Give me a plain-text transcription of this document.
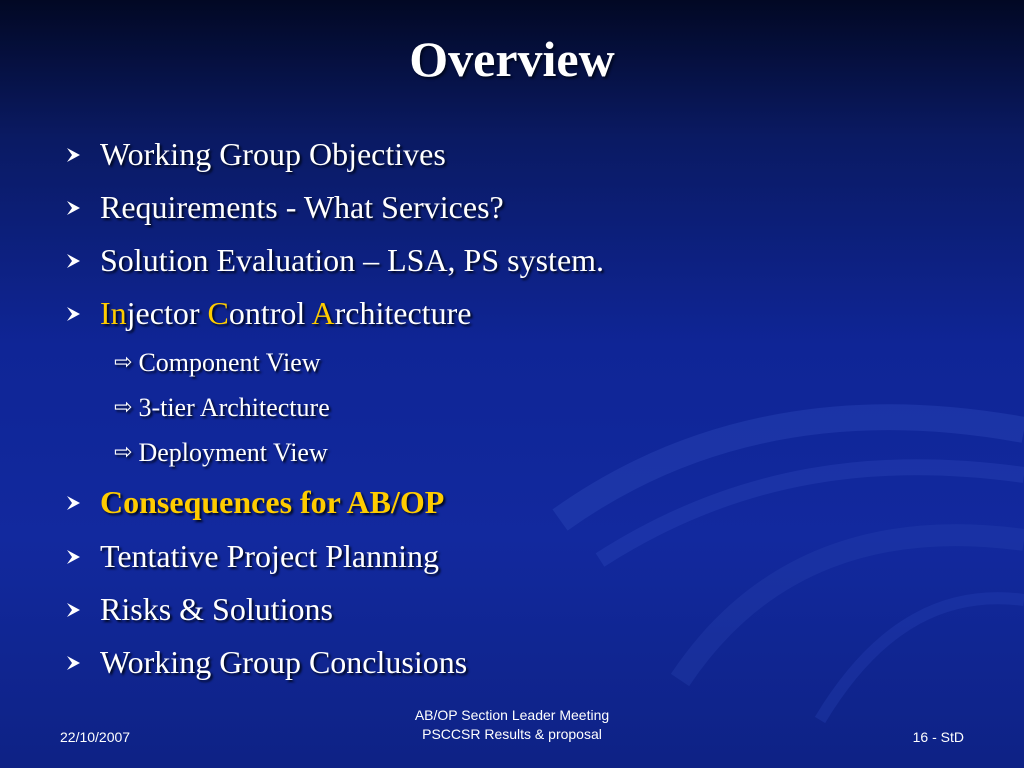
Overview
Working Group Objectives
Requirements - What Services?
Solution Evaluation – LSA, PS system.
Injector Control Architecture
⇨ Component View
⇨ 3-tier Architecture
⇨ Deployment View
Consequences for AB/OP
Tentative Project Planning
Risks & Solutions
Working Group Conclusions
22/10/2007
AB/OP Section Leader Meeting
PSCCSR Results & proposal	16 - StD
